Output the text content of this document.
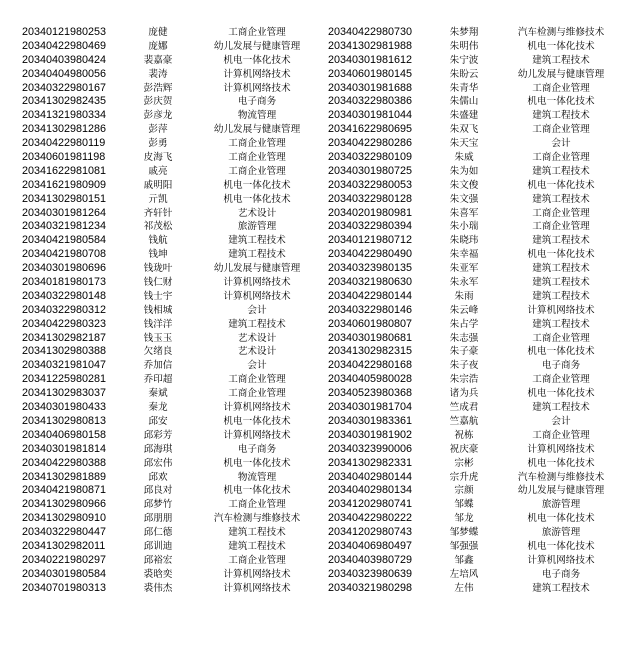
20340121980253	庞健	工商企业管理
20340422980469	庞娜	幼儿发展与健康管理
20340403980424	裴嘉豪	机电一体化技术
20340404980056	裴涛	计算机网络技术
20340322980167	彭浩辉	计算机网络技术
20341302982435	彭庆贺	电子商务
20341321980334	彭彦龙	物流管理
20341302981286	彭萍	幼儿发展与健康管理
20340422980119	彭勇	工商企业管理
20340601981198	皮海飞	工商企业管理
20341622981081	戚亮	工商企业管理
20341621980909	戚明阳	机电一体化技术
20341302980151	亓凯	机电一体化技术
20340301981264	齐轩针	艺术设计
20340321981234	祁茂松	旅游管理
20340421980584	钱航	建筑工程技术
20340421980708	钱坤	建筑工程技术
20340301980696	钱珑叶	幼儿发展与健康管理
20340181980173	钱仁财	计算机网络技术
20340322980148	钱士宇	计算机网络技术
20340322980312	钱相城	会计
20340422980323	钱洋洋	建筑工程技术
20341302982187	钱玉玉	艺术设计
20341302980388	欠绪良	艺术设计
20340321981047	乔加信	会计
20341225980281	乔印超	工商企业管理
20341302983037	秦斌	工商企业管理
20340301980433	秦龙	计算机网络技术
20341302980813	邱安	机电一体化技术
20340406980158	邱彩芳	计算机网络技术
20340301981814	邱海琪	电子商务
20340422980388	邱宏伟	机电一体化技术
20341302981889	邱欢	物流管理
20340421980871	邱良对	机电一体化技术
20341302980966	邱梦竹	工商企业管理
20341302980910	邱朋朋	汽车检测与维修技术
20340322980447	邱仁德	建筑工程技术
20341302982011	邱训迪	建筑工程技术
20340221980297	邱裕宏	工商企业管理
20340301980584	裘晗奕	计算机网络技术
20340701980313	裘伟杰	计算机网络技术
20340422980730	朱梦翔	汽车检测与维修技术
20341302981988	朱明伟	机电一体化技术
20340301981612	朱宁波	建筑工程技术
20340601980145	朱盼云	幼儿发展与健康管理
20340301981688	朱青华	工商企业管理
20340322980386	朱儒山	机电一体化技术
20340301981044	朱盛建	建筑工程技术
20341622980695	朱双飞	工商企业管理
20340422980286	朱天宝	会计
20340322980109	朱威	工商企业管理
20340301980725	朱为如	建筑工程技术
20340322980053	朱文俊	机电一体化技术
20340322980128	朱文强	建筑工程技术
20340201980981	朱喜军	工商企业管理
20340322980394	朱小瑞	工商企业管理
20340121980712	朱晓玮	建筑工程技术
20340422980490	朱幸福	机电一体化技术
20340323980135	朱亚军	建筑工程技术
20340321980630	朱永军	建筑工程技术
20340422980144	朱雨	建筑工程技术
20340322980146	朱云峰	计算机网络技术
20340601980807	朱占学	建筑工程技术
20340301980681	朱志强	工商企业管理
20341302982315	朱子豪	机电一体化技术
20340422980168	朱子夜	电子商务
20340405980028	朱宗浩	工商企业管理
20340523980368	诸为兵	机电一体化技术
20340301981704	竺成君	建筑工程技术
20340301983361	竺嘉航	会计
20340301981902	祝栋	工商企业管理
20340323990006	祝庆豪	计算机网络技术
20341302982331	宗彬	机电一体化技术
20340402980144	宗升虎	汽车检测与维修技术
20340402980134	宗颜	幼儿发展与健康管理
20341202980741	邹蝶	旅游管理
20340422980222	邹龙	机电一体化技术
20341202980743	邹梦蝶	旅游管理
20340406980497	邹强强	机电一体化技术
20340403980729	邹鑫	计算机网络技术
20340323980639	左培风	电子商务
20340321980298	左伟	建筑工程技术
